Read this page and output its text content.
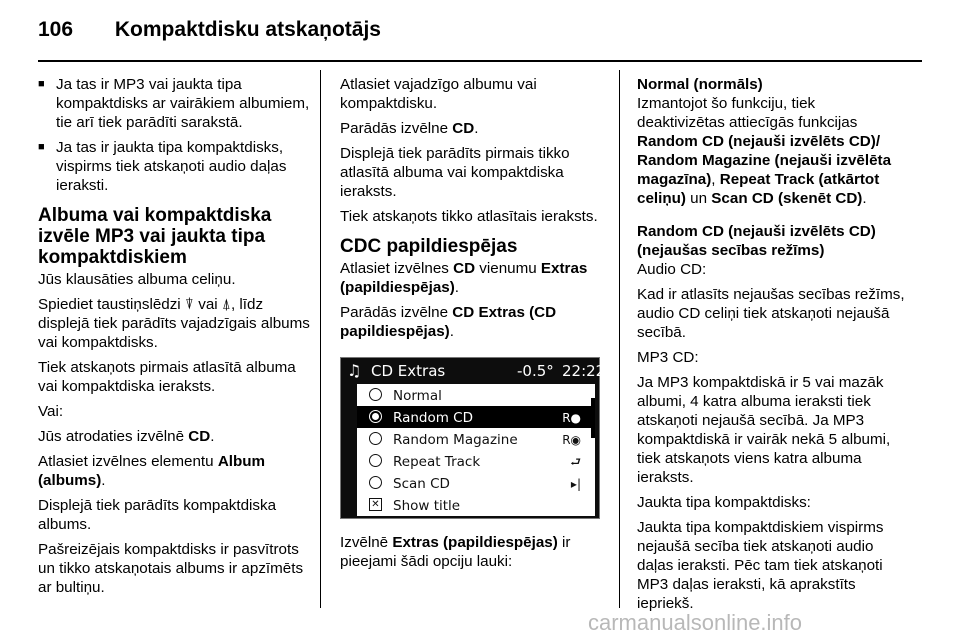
106 Kompaktdisku atskaņotājs
■ Ja tas ir MP3 vai jaukta tipa kompaktdisks ar vairākiem albumiem, tie arī tiek parādīti sarakstā.
■ Ja tas ir jaukta tipa kompaktdisks, vispirms tiek atskaņoti audio daļas ieraksti.
Albuma vai kompaktdiska izvēle MP3 vai jaukta tipa kompaktdiskiem

Jūs klausāties albuma celiņu.

Spiediet taustiņslēdzi ⍒ vai ⍋, līdz displejā tiek parādīts vajadzīgais albums vai kompaktdisks.

Tiek atskaņots pirmais atlasītā albuma vai kompaktdiska ieraksts.

Vai:

Jūs atrodaties izvēlnē CD.

Atlasiet izvēlnes elementu Album (albums).

Displejā tiek parādīts kompaktdiska albums.

Pašreizējais kompaktdisks ir pasvītrots un tikko atskaņotais albums ir apzīmēts ar bultiņu.

Atlasiet vajadzīgo albumu vai kompaktdisku.

Parādās izvēlne CD.

Displejā tiek parādīts pirmais tikko atlasītā albuma vai kompaktdiska ieraksts.

Tiek atskaņots tikko atlasītais ieraksts.

CDC papildiespējas

Atlasiet izvēlnes CD vienumu Extras (papildiespējas).

Parādās izvēlne CD Extras (CD papildiespējas).

♫ CD Extras	-0.5° 22:22
Normal
Random CD	R●
Random Magazine	R◉
Repeat Track	⮐
Scan CD	▸|
✕ Show title

Izvēlnē Extras (papildiespējas) ir pieejami šādi opciju lauki:

Normal (normāls)

Izmantojot šo funkciju, tiek deaktivizētas attiecīgās funkcijas Random CD (nejauši izvēlēts CD)/ Random Magazine (nejauši izvēlēta magazīna), Repeat Track (atkārtot celiņu) un Scan CD (skenēt CD).

Random CD (nejauši izvēlēts CD) (nejaušas secības režīms)

Audio CD:

Kad ir atlasīts nejaušas secības režīms, audio CD celiņi tiek atskaņoti nejaušā secībā.

MP3 CD:

Ja MP3 kompaktdiskā ir 5 vai mazāk albumi, 4 katra albuma ieraksti tiek atskaņoti nejaušā secībā. Ja MP3 kompaktdiskā ir vairāk nekā 5 albumi, tiek atskaņots viens katra albuma ieraksts.

Jaukta tipa kompaktdisks:

Jaukta tipa kompaktdiskiem vispirms nejaušā secība tiek atskaņoti audio daļas ieraksti. Pēc tam tiek atskaņoti MP3 daļas ieraksti, kā aprakstīts iepriekš.

carmanualsonline.info
